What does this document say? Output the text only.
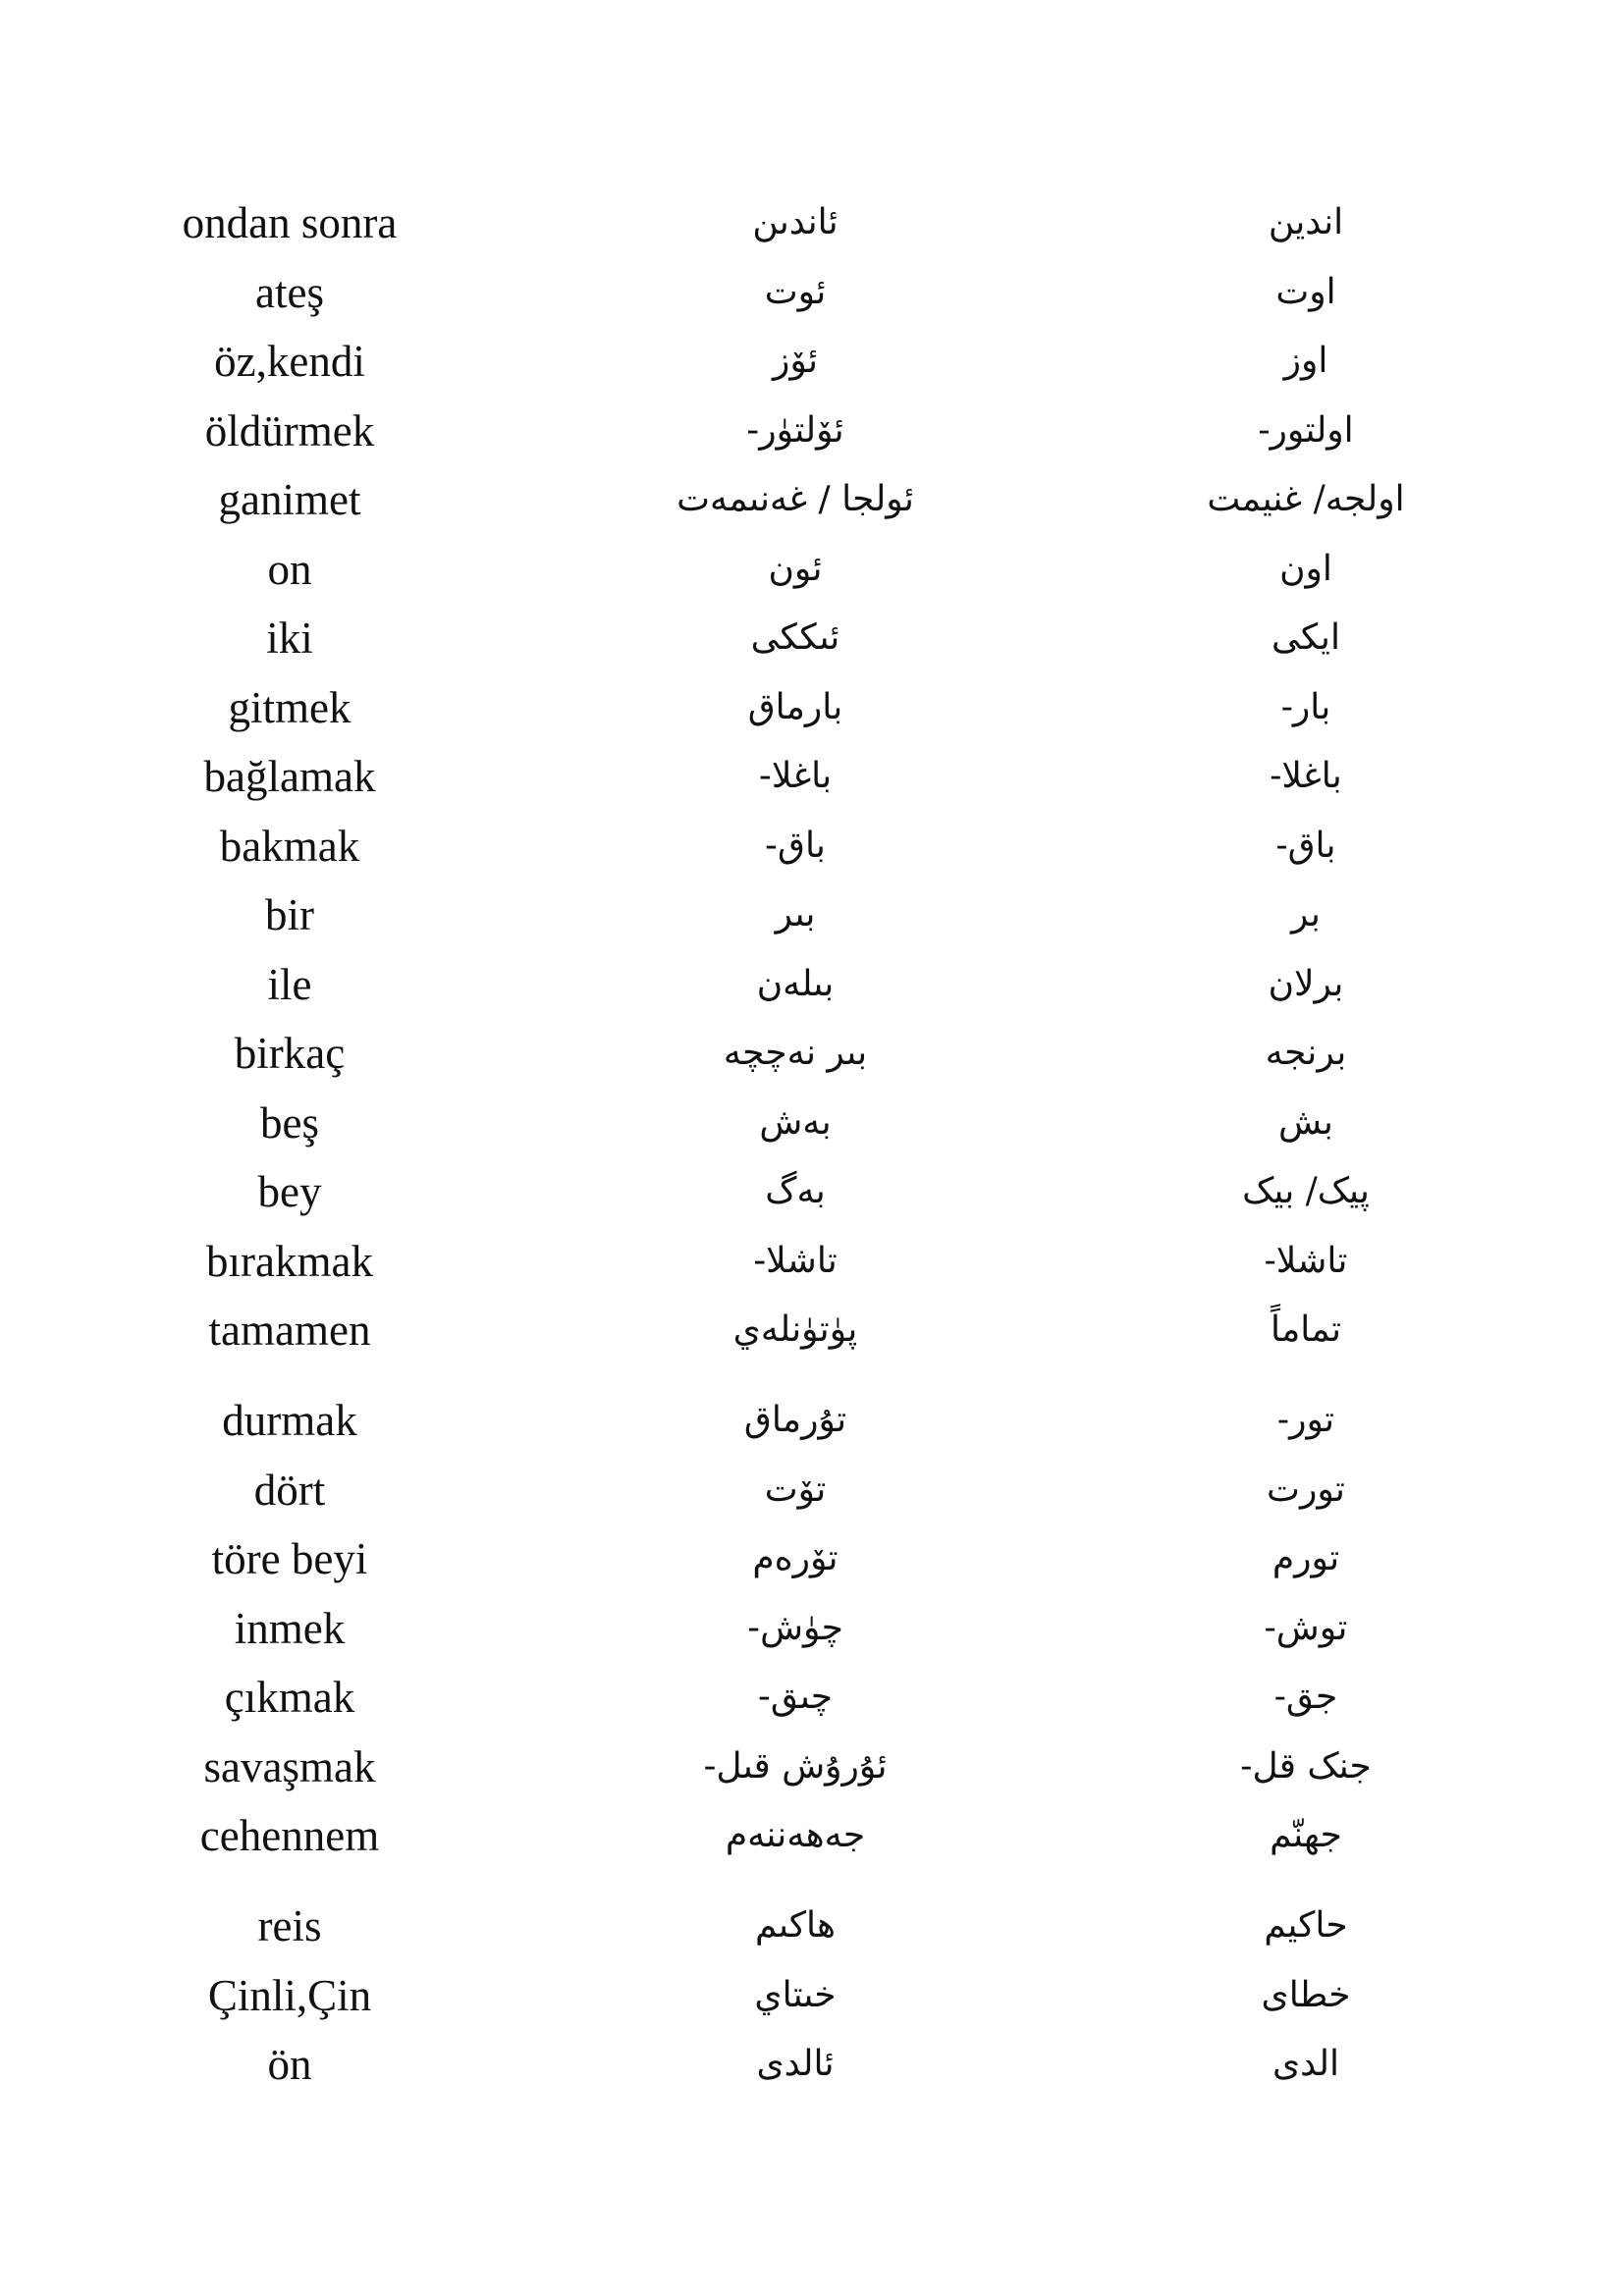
ondan sonra	ئاندىن	اندين
ateş	ئوت	اوت
öz,kendi	ئۆز	اوز
öldürmek	ئۆلتۈر-	اولتور-
ganimet	ئولجا / غەنىمەت	اولجه/ غنيمت
on	ئون	اون
iki	ئىككى	ايكى
gitmek	بارماق	بار-
bağlamak	باغلا-	باغلا-
bakmak	باق-	باق-
bir	بىر	بر
ile	بىلەن	برلان
birkaç	بىر نەچچە	برنجه
beş	بەش	بش
bey	بەگ	پيک/ بيک
bırakmak	تاشلا-	تاشلا-
tamamen	پۈتۈنلەي	تماماً
durmak	تۇرماق	تور-
dört	تۆت	تورت
töre beyi	تۆرەم	تورم
inmek	چۈش-	توش-
çıkmak	چىق-	جق-
savaşmak	ئۇرۇش قىل-	جنک قل-
cehennem	جەھەننەم	جهنّم
reis	ھاكىم	حاكيم
Çinli,Çin	خىتاي	خطاى
ön	ئالدى	الدى
